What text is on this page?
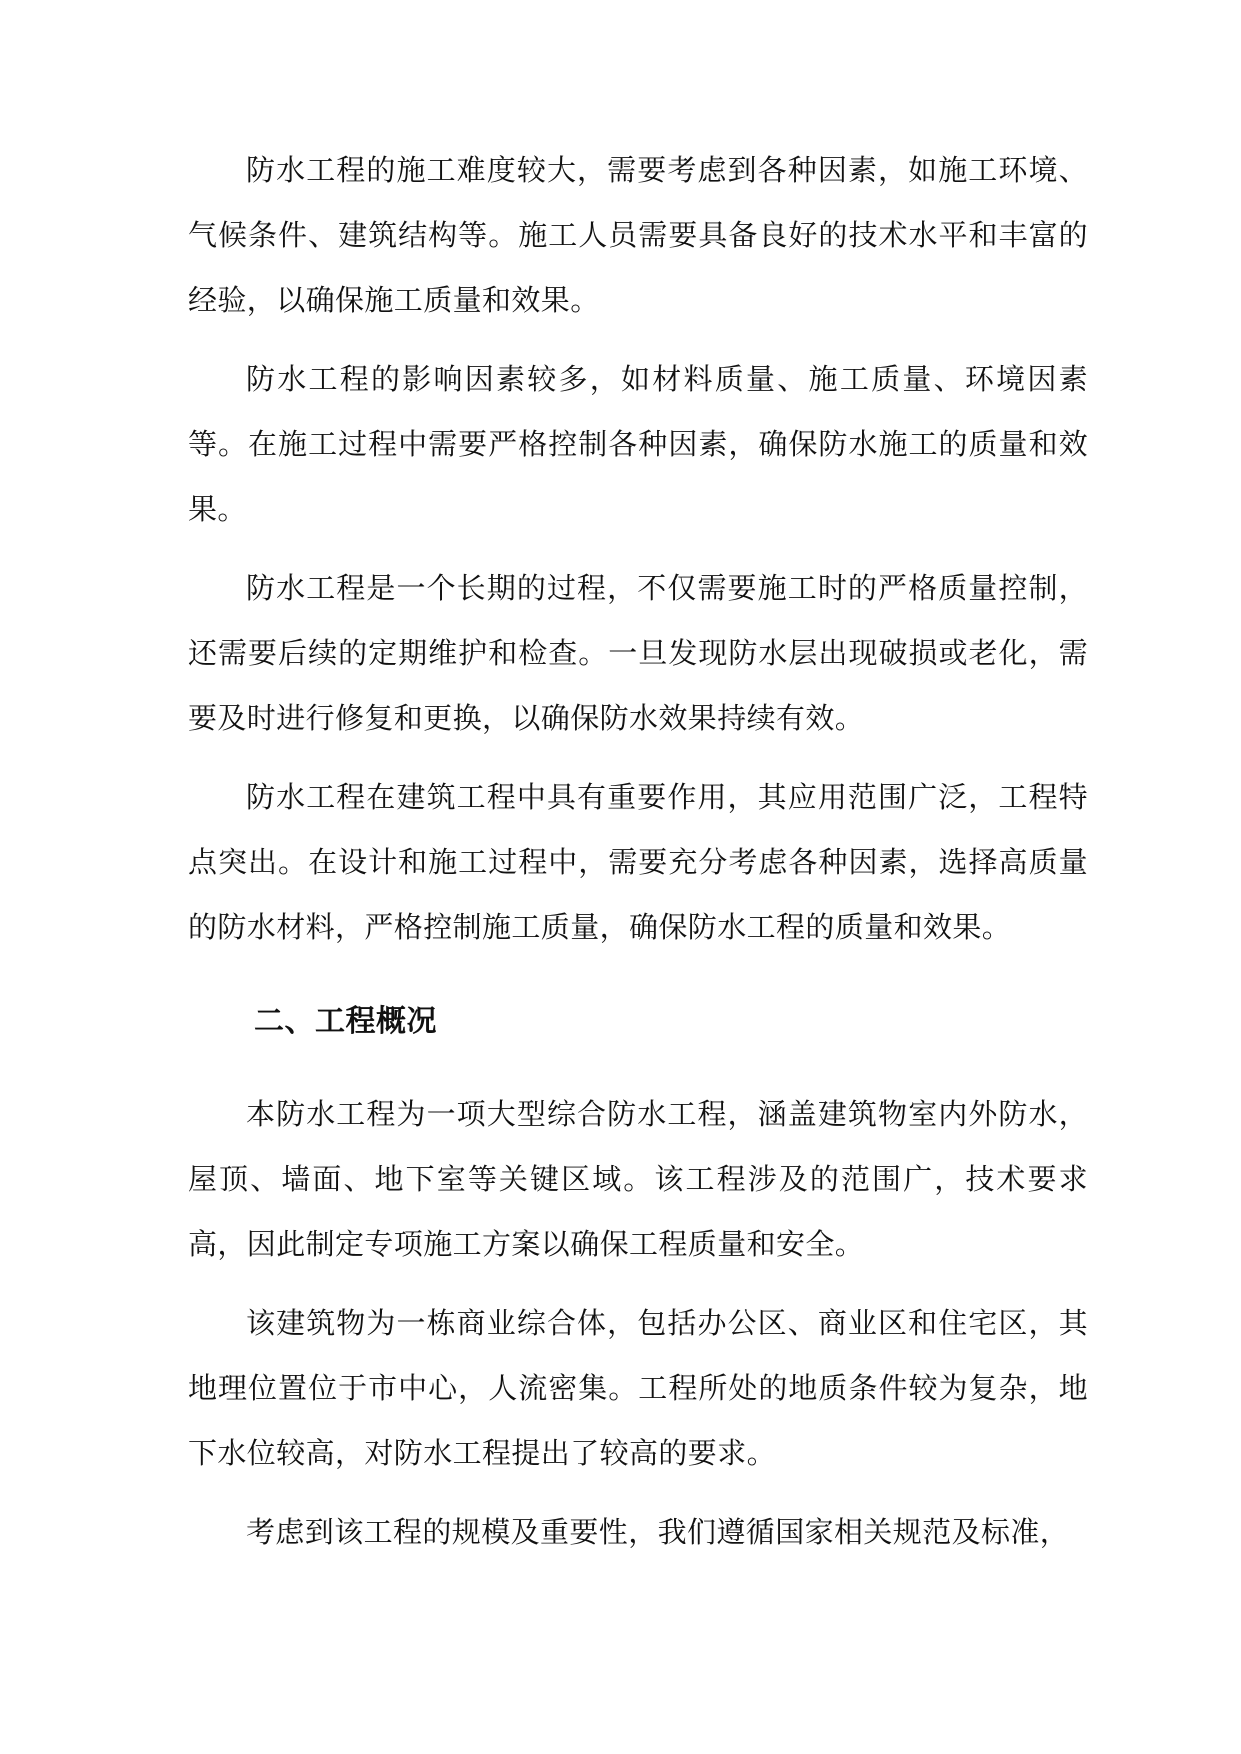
防水工程的施工难度较大，需要考虑到各种因素，如施工环境、气候条件、建筑结构等。施工人员需要具备良好的技术水平和丰富的经验，以确保施工质量和效果。

防水工程的影响因素较多，如材料质量、施工质量、环境因素等。在施工过程中需要严格控制各种因素，确保防水施工的质量和效果。

防水工程是一个长期的过程，不仅需要施工时的严格质量控制，还需要后续的定期维护和检查。一旦发现防水层出现破损或老化，需要及时进行修复和更换，以确保防水效果持续有效。

防水工程在建筑工程中具有重要作用，其应用范围广泛，工程特点突出。在设计和施工过程中，需要充分考虑各种因素，选择高质量的防水材料，严格控制施工质量，确保防水工程的质量和效果。

二、工程概况

本防水工程为一项大型综合防水工程，涵盖建筑物室内外防水，屋顶、墙面、地下室等关键区域。该工程涉及的范围广，技术要求高，因此制定专项施工方案以确保工程质量和安全。

该建筑物为一栋商业综合体，包括办公区、商业区和住宅区，其地理位置位于市中心，人流密集。工程所处的地质条件较为复杂，地下水位较高，对防水工程提出了较高的要求。

考虑到该工程的规模及重要性，我们遵循国家相关规范及标准，
